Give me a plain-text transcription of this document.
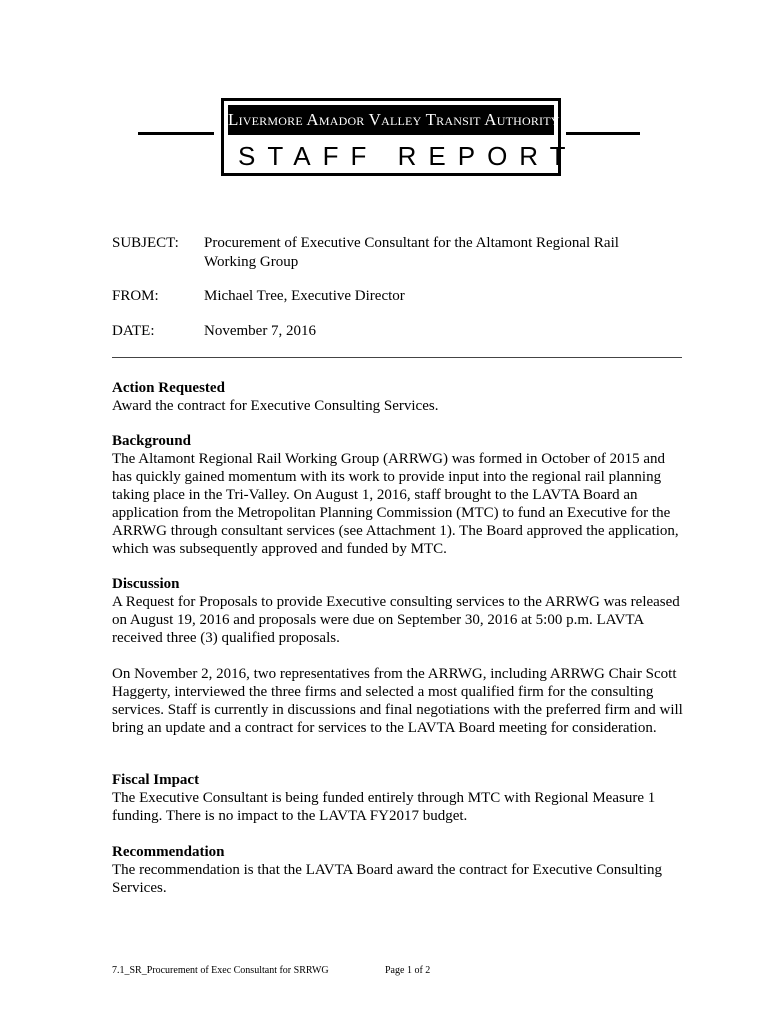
Livermore Amador Valley Transit Authority
STAFF REPORT
SUBJECT:	Procurement of Executive Consultant for the Altamont Regional Rail Working Group
FROM:	Michael Tree, Executive Director
DATE:	November 7, 2016
Action Requested
Award the contract for Executive Consulting Services.
Background
The Altamont Regional Rail Working Group (ARRWG) was formed in October of 2015 and has quickly gained momentum with its work to provide input into the regional rail planning taking place in the Tri-Valley. On August 1, 2016, staff brought to the LAVTA Board an application from the Metropolitan Planning Commission (MTC) to fund an Executive for the ARRWG through consultant services (see Attachment 1). The Board approved the application, which was subsequently approved and funded by MTC.
Discussion
A Request for Proposals to provide Executive consulting services to the ARRWG was released on August 19, 2016 and proposals were due on September 30, 2016 at 5:00 p.m. LAVTA received three (3) qualified proposals.
On November 2, 2016, two representatives from the ARRWG, including ARRWG Chair Scott Haggerty, interviewed the three firms and selected a most qualified firm for the consulting services. Staff is currently in discussions and final negotiations with the preferred firm and will bring an update and a contract for services to the LAVTA Board meeting for consideration.
Fiscal Impact
The Executive Consultant is being funded entirely through MTC with Regional Measure 1 funding. There is no impact to the LAVTA FY2017 budget.
Recommendation
The recommendation is that the LAVTA Board award the contract for Executive Consulting Services.
7.1_SR_Procurement of Exec Consultant for SRRWG	Page 1 of 2
